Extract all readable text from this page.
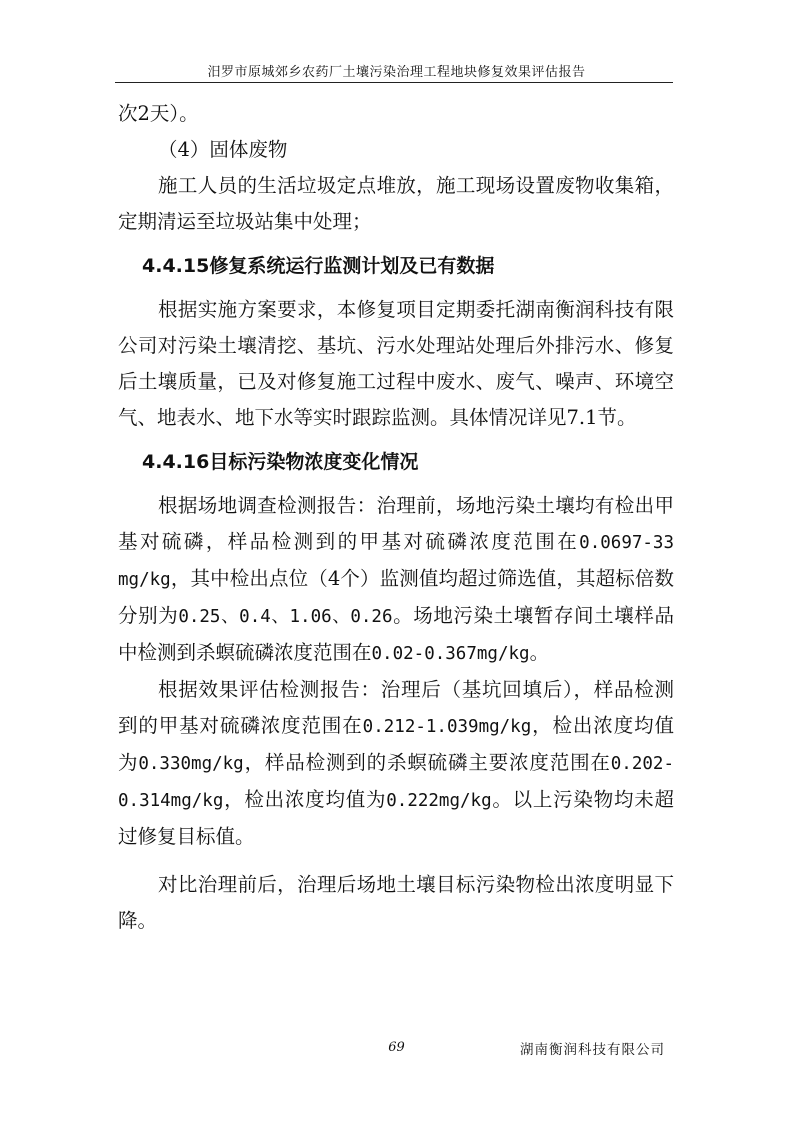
汨罗市原城郊乡农药厂土壤污染治理工程地块修复效果评估报告

次2天）。

（4）固体废物

施工人员的生活垃圾定点堆放，施工现场设置废物收集箱，定期清运至垃圾站集中处理；

4.4.15修复系统运行监测计划及已有数据

根据实施方案要求，本修复项目定期委托湖南衡润科技有限公司对污染土壤清挖、基坑、污水处理站处理后外排污水、修复后土壤质量，已及对修复施工过程中废水、废气、噪声、环境空气、地表水、地下水等实时跟踪监测。具体情况详见7.1节。

4.4.16目标污染物浓度变化情况

根据场地调查检测报告：治理前，场地污染土壤均有检出甲基对硫磷，样品检测到的甲基对硫磷浓度范围在0.0697-33 mg/kg，其中检出点位（4个）监测值均超过筛选值，其超标倍数分别为0.25、0.4、1.06、0.26。场地污染土壤暂存间土壤样品中检测到杀螟硫磷浓度范围在0.02-0.367mg/kg。

根据效果评估检测报告：治理后（基坑回填后），样品检测到的甲基对硫磷浓度范围在0.212-1.039mg/kg，检出浓度均值为0.330mg/kg，样品检测到的杀螟硫磷主要浓度范围在0.202-0.314mg/kg，检出浓度均值为0.222mg/kg。以上污染物均未超过修复目标值。

对比治理前后，治理后场地土壤目标污染物检出浓度明显下降。

69	湖南衡润科技有限公司
